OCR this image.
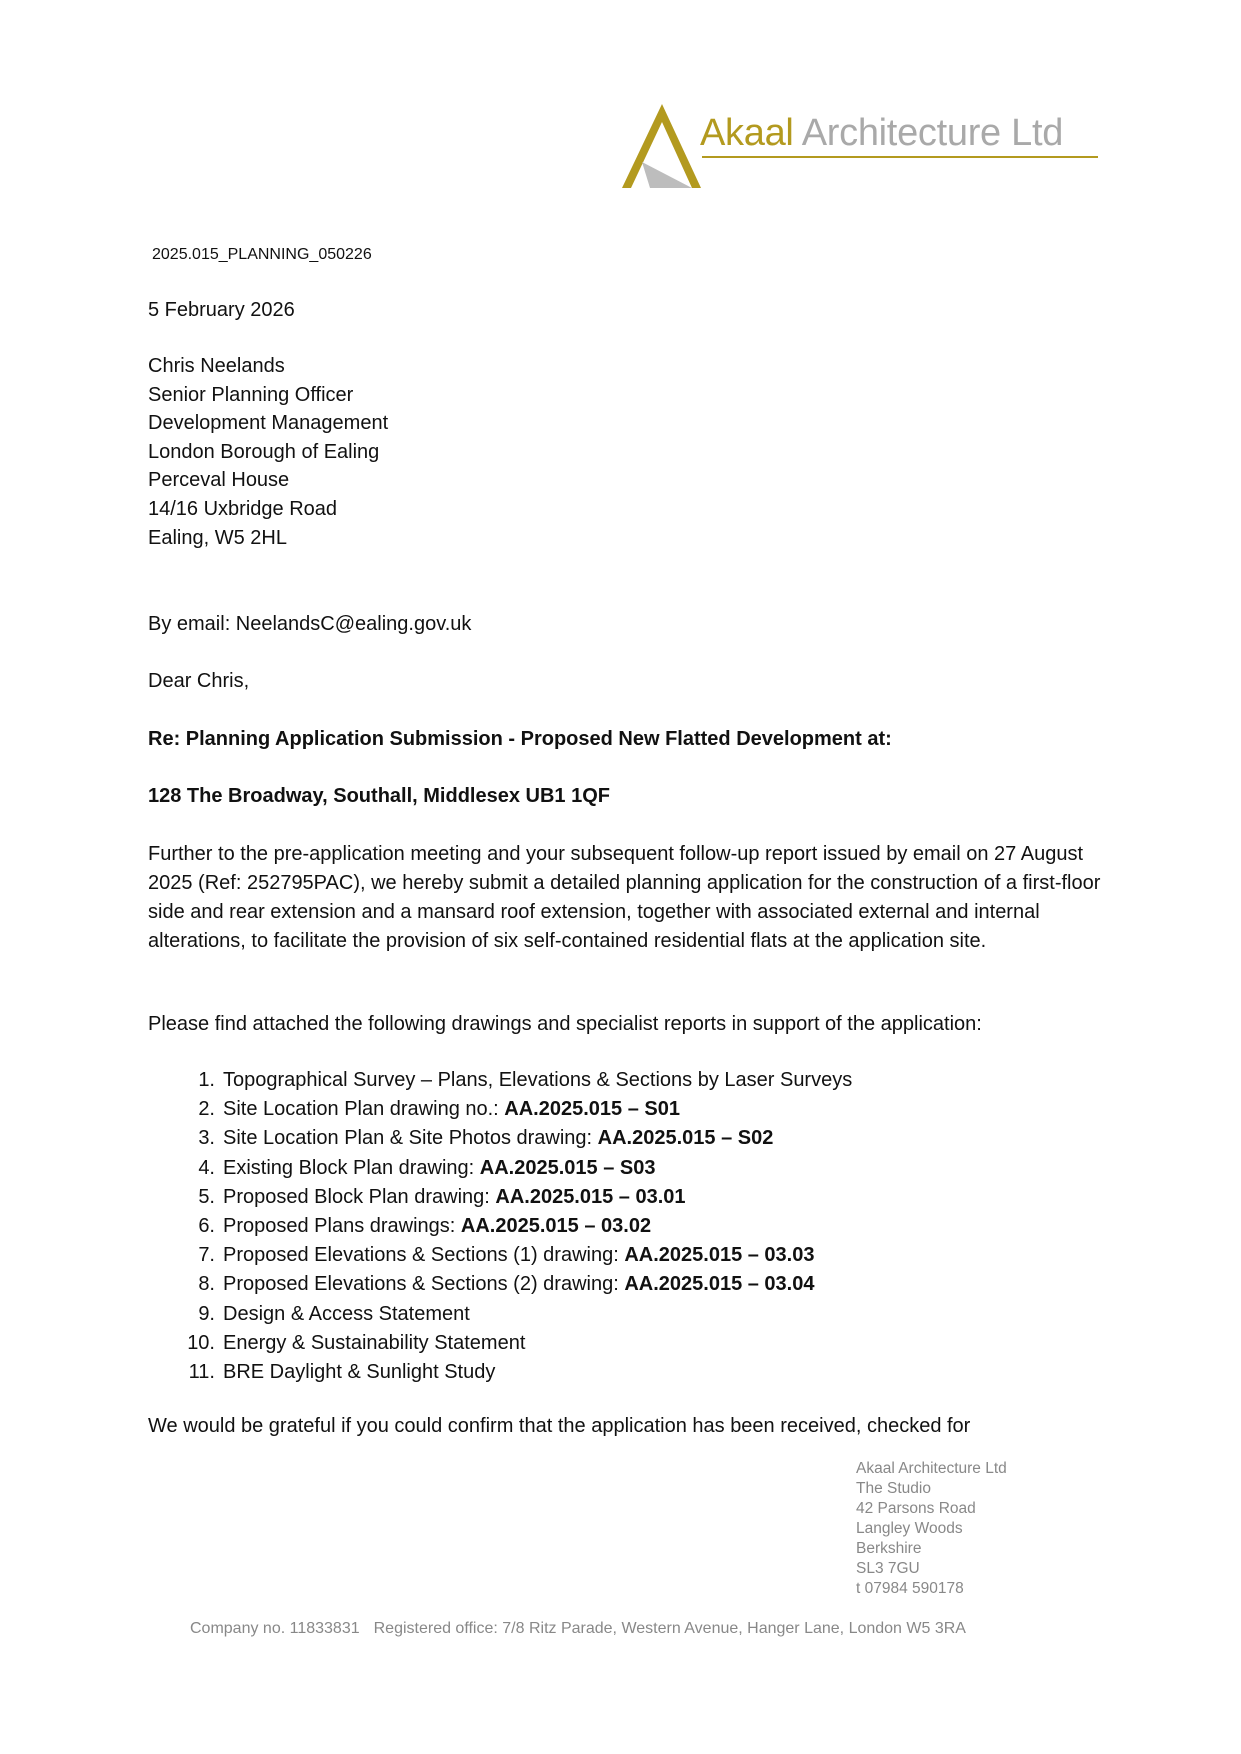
Akaal Architecture Ltd
2025.015_PLANNING_050226
5 February 2026
Chris Neelands
Senior Planning Officer
Development Management
London Borough of Ealing
Perceval House
14/16 Uxbridge Road
Ealing, W5 2HL
By email: NeelandsC@ealing.gov.uk
Dear Chris,
Re: Planning Application Submission - Proposed New Flatted Development at:
128 The Broadway, Southall, Middlesex UB1 1QF
Further to the pre-application meeting and your subsequent follow-up report issued by email on 27 August 2025 (Ref: 252795PAC), we hereby submit a detailed planning application for the construction of a first-floor side and rear extension and a mansard roof extension, together with associated external and internal alterations, to facilitate the provision of six self-contained residential flats at the application site.
Please find attached the following drawings and specialist reports in support of the application:
1. Topographical Survey – Plans, Elevations & Sections by Laser Surveys
2. Site Location Plan drawing no.: AA.2025.015 – S01
3. Site Location Plan & Site Photos drawing: AA.2025.015 – S02
4. Existing Block Plan drawing: AA.2025.015 – S03
5. Proposed Block Plan drawing: AA.2025.015 – 03.01
6. Proposed Plans drawings: AA.2025.015 – 03.02
7. Proposed Elevations & Sections (1) drawing: AA.2025.015 – 03.03
8. Proposed Elevations & Sections (2) drawing: AA.2025.015 – 03.04
9. Design & Access Statement
10. Energy & Sustainability Statement
11. BRE Daylight & Sunlight Study
We would be grateful if you could confirm that the application has been received, checked for
Akaal Architecture Ltd
The Studio
42 Parsons Road
Langley Woods
Berkshire
SL3 7GU
t 07984 590178
Company no. 11833831 Registered office: 7/8 Ritz Parade, Western Avenue, Hanger Lane, London W5 3RA
